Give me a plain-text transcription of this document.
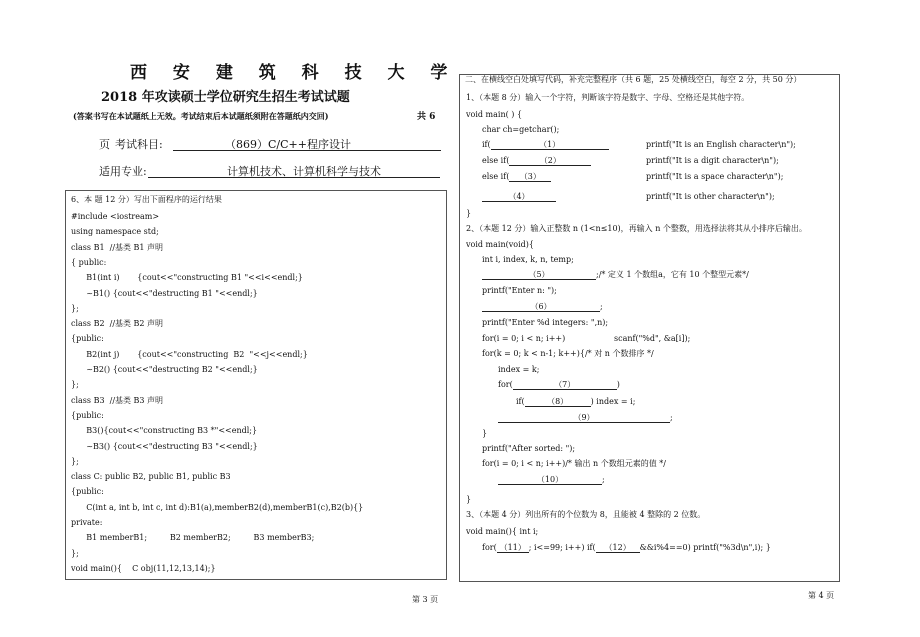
西 安 建 筑 科 技 大 学
2018 年攻读硕士学位研究生招生考试试题
(答案书写在本试题纸上无效。考试结束后本试题纸须附在答题纸内交回)	共 6
页 考试科目:	（869）C/C++程序设计
适用专业:	计算机技术、计算机科学与技术
6、本 题 12 分）写出下面程序的运行结果
#include <iostream>
using namespace std;
class B1  //基类 B1 声明
{ public:
B1(int i)       {cout<<"constructing B1 "<<i<<endl;}
~B1() {cout<<"destructing B1 "<<endl;}
};
class B2  //基类 B2 声明
{public:
B2(int j)       {cout<<"constructing  B2  "<<j<<endl;}
~B2() {cout<<"destructing B2 "<<endl;}
};
class B3  //基类 B3 声明
{public:
B3(){cout<<"constructing B3 *"<<endl;}
~B3() {cout<<"destructing B3 "<<endl;}
};
class C: public B2, public B1, public B3
{public:
C(int a, int b, int c, int d):B1(a),memberB2(d),memberB1(c),B2(b){}
private:
B1 memberB1;         B2 memberB2;         B3 memberB3;
};
void main(){    C obj(11,12,13,14);}
二、在横线空白处填写代码，补充完整程序（共 6 题，25 处横线空白，每空 2 分，共 50 分）
1、（本题 8 分）输入一个字符，判断该字符是数字、字母、空格还是其他字符。
void main( ) {
char ch=getchar();
if(	（1）	printf("It is an English character\n");
else if(	（2）	printf("It is a digit character\n");
else if( （3）	printf("It is a space character\n");
（4）	printf("It is other character\n");
}
2、（本题 12 分）输入正整数 n (1<n≤10)，再输入 n 个整数，用选择法将其从小排序后输出。
void main(void){
int i, index, k, n, temp;
（5）	;/* 定义 1 个数组a，它有 10 个整型元素*/
printf("Enter n: ");
（6）	;
printf("Enter %d integers: ",n);
for(i = 0; i < n; i++)	scanf("%d", &a[i]);
for(k = 0; k < n-1; k++){/* 对 n 个数排序 */
index = k;
for(	（7）	)
if(	（8）	) index = i;
（9）	;
}
printf("After sorted: ");
for(i = 0; i < n; i++)/* 输出 n 个数组元素的值 */
（10）	;
}
3、（本题 4 分）列出所有的个位数为 8，且能被 4 整除的 2 位数。
void main(){ int i;
for( （11） ; i<=99; i++) if( （12） &&i%4==0) printf("%3d\n",i); }
第 3 页	第 4 页
